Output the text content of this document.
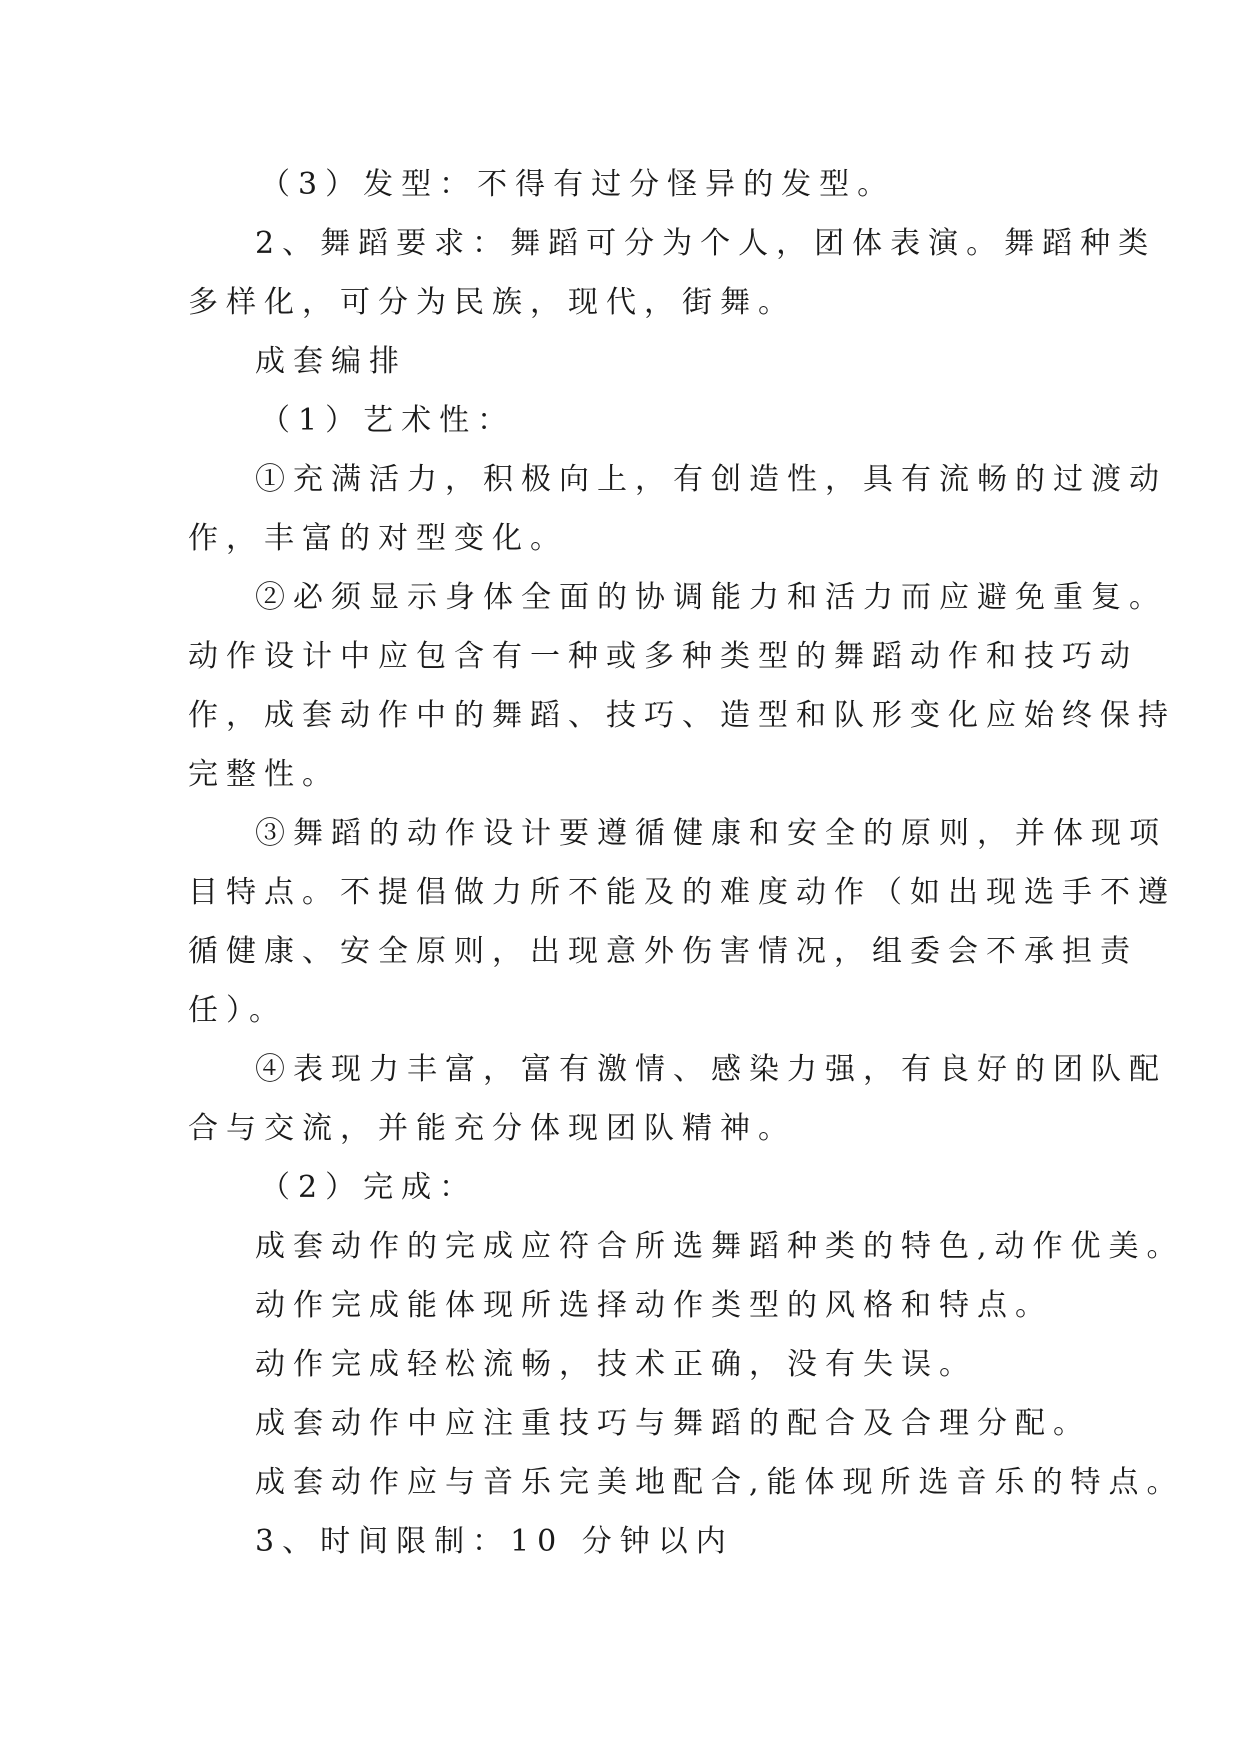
（3）发型：不得有过分怪异的发型。

2、舞蹈要求：舞蹈可分为个人，团体表演。舞蹈种类

多样化，可分为民族，现代，街舞。

成套编排

（1）艺术性：

①充满活力，积极向上，有创造性，具有流畅的过渡动

作，丰富的对型变化。

②必须显示身体全面的协调能力和活力而应避免重复。

动作设计中应包含有一种或多种类型的舞蹈动作和技巧动

作，成套动作中的舞蹈、技巧、造型和队形变化应始终保持

完整性。

③舞蹈的动作设计要遵循健康和安全的原则，并体现项

目特点。不提倡做力所不能及的难度动作（如出现选手不遵

循健康、安全原则，出现意外伤害情况，组委会不承担责

任）。

④表现力丰富，富有激情、感染力强，有良好的团队配

合与交流，并能充分体现团队精神。

（2）完成：

成套动作的完成应符合所选舞蹈种类的特色,动作优美。

动作完成能体现所选择动作类型的风格和特点。

动作完成轻松流畅，技术正确，没有失误。

成套动作中应注重技巧与舞蹈的配合及合理分配。

成套动作应与音乐完美地配合,能体现所选音乐的特点。

3、时间限制：10 分钟以内
